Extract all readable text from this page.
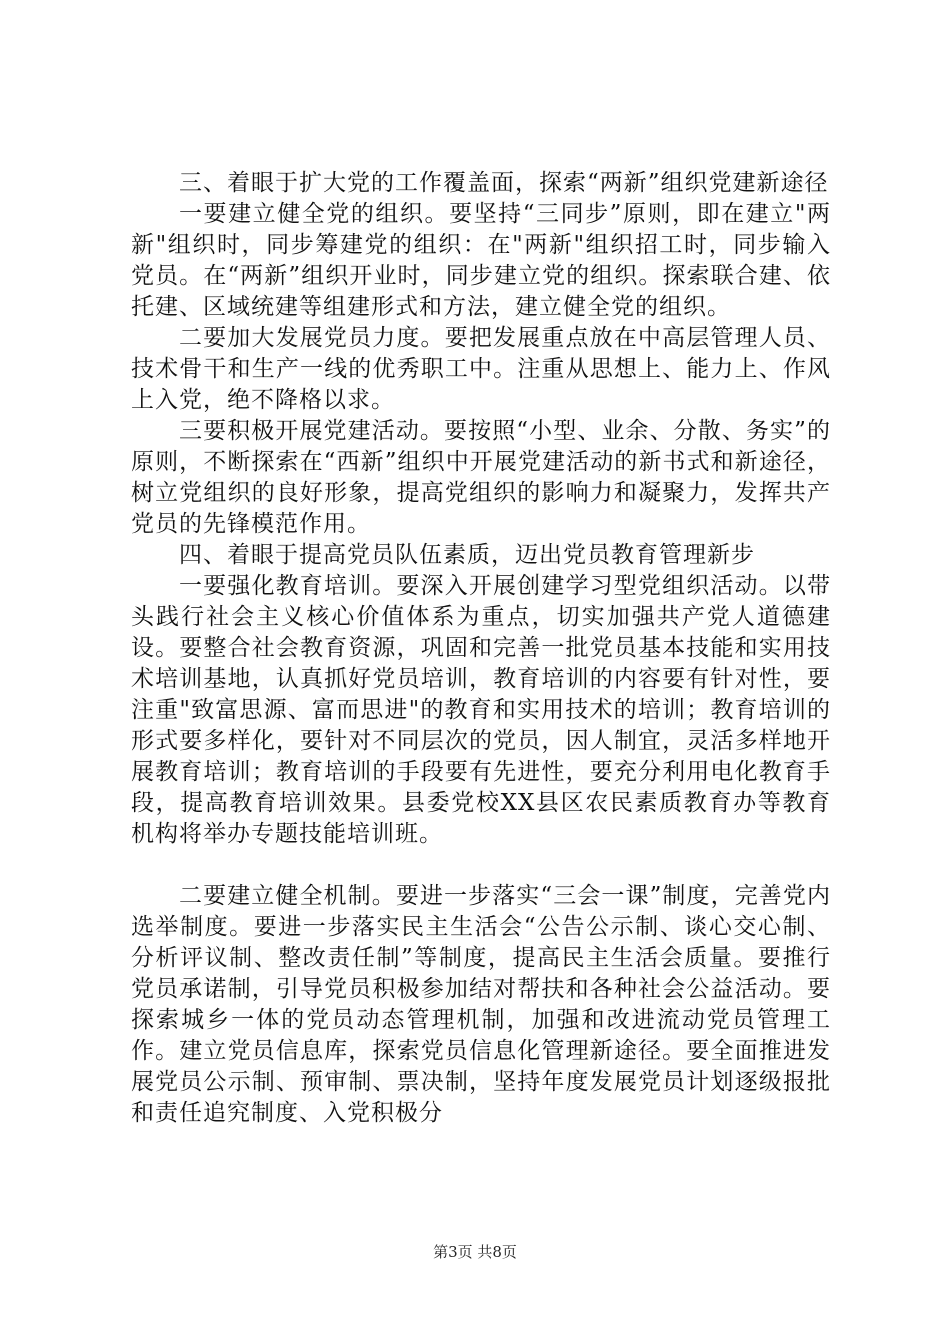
三、着眼于扩大党的工作覆盖面，探索“两新”组织党建新途径

一要建立健全党的组织。要坚持“三同步”原则，即在建立"两新"组织时，同步筹建党的组织：在"两新"组织招工时，同步输入党员。在“两新”组织开业时，同步建立党的组织。探索联合建、依托建、区域统建等组建形式和方法，建立健全党的组织。

二要加大发展党员力度。要把发展重点放在中高层管理人员、技术骨干和生产一线的优秀职工中。注重从思想上、能力上、作风上入党，绝不降格以求。

三要积极开展党建活动。要按照“小型、业余、分散、务实”的原则，不断探索在“西新”组织中开展党建活动的新书式和新途径，树立党组织的良好形象，提高党组织的影响力和凝聚力，发挥共产党员的先锋模范作用。

四、着眼于提高党员队伍素质，迈出党员教育管理新步

一要强化教育培训。要深入开展创建学习型党组织活动。以带头践行社会主义核心价值体系为重点，切实加强共产党人道德建设。要整合社会教育资源，巩固和完善一批党员基本技能和实用技术培训基地，认真抓好党员培训，教育培训的内容要有针对性，要注重"致富思源、富而思进"的教育和实用技术的培训；教育培训的形式要多样化，要针对不同层次的党员，因人制宜，灵活多样地开展教育培训；教育培训的手段要有先进性，要充分利用电化教育手段，提高教育培训效果。县委党校XX县区农民素质教育办等教育机构将举办专题技能培训班。

二要建立健全机制。要进一步落实“三会一课”制度，完善党内选举制度。要进一步落实民主生活会“公告公示制、谈心交心制、分析评议制、整改责任制”等制度，提高民主生活会质量。要推行党员承诺制，引导党员积极参加结对帮扶和各种社会公益活动。要探索城乡一体的党员动态管理机制，加强和改进流动党员管理工作。建立党员信息库，探索党员信息化管理新途径。要全面推进发展党员公示制、预审制、票决制，坚持年度发展党员计划逐级报批和责任追究制度、入党积极分

第3页 共8页
